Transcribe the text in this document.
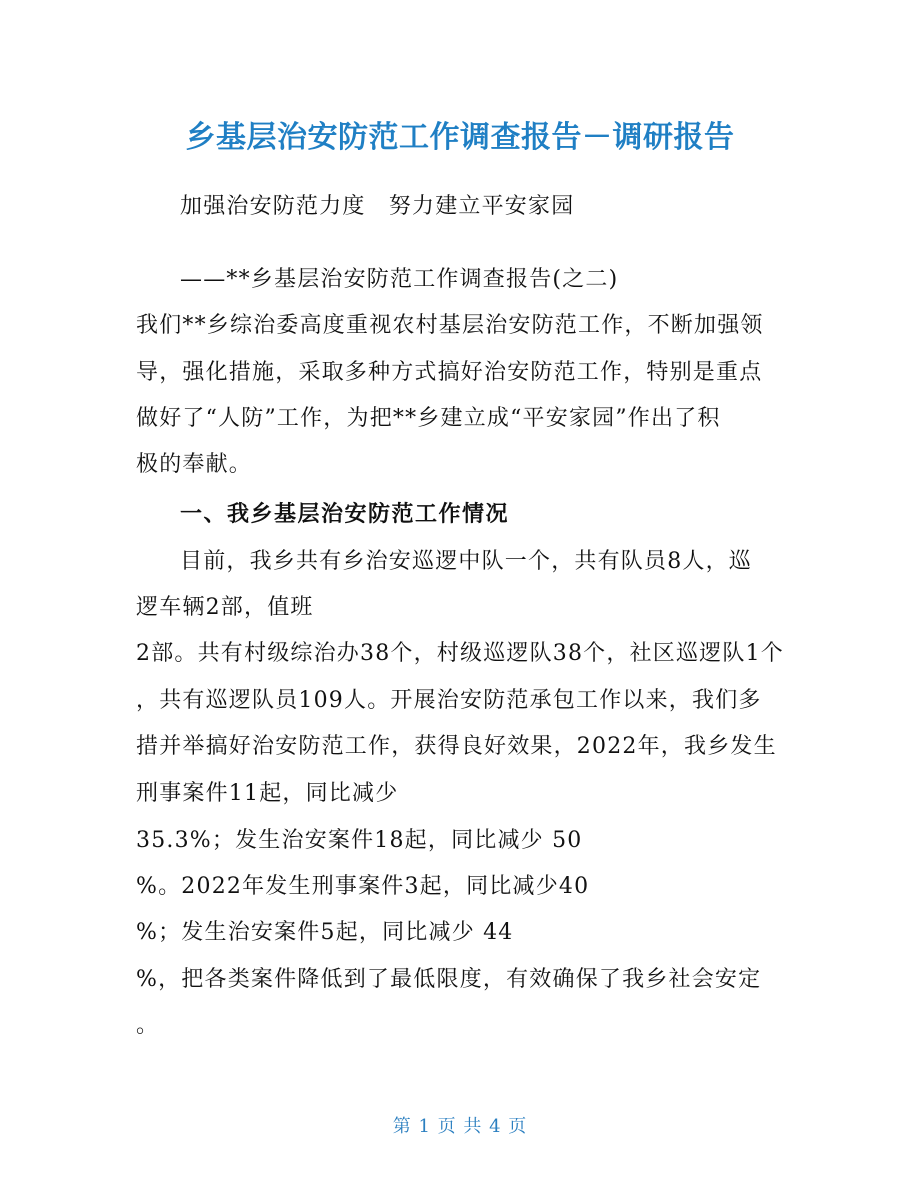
乡基层治安防范工作调查报告－调研报告
加强治安防范力度　努力建立平安家园
——**乡基层治安防范工作调查报告(之二)
我们**乡综治委高度重视农村基层治安防范工作，不断加强领
导，强化措施，采取多种方式搞好治安防范工作，特别是重点
做好了“人防”工作，为把**乡建立成“平安家园”作出了积
极的奉献。
一、我乡基层治安防范工作情况
目前，我乡共有乡治安巡逻中队一个，共有队员8人，巡
逻车辆2部，值班
2部。共有村级综治办38个，村级巡逻队38个，社区巡逻队1个
，共有巡逻队员109人。开展治安防范承包工作以来，我们多
措并举搞好治安防范工作，获得良好效果，2022年，我乡发生
刑事案件11起，同比减少
35.3%；发生治安案件18起，同比减少 50
%。2022年发生刑事案件3起，同比减少40
%；发生治安案件5起，同比减少 44
%，把各类案件降低到了最低限度，有效确保了我乡社会安定
。
第 1 页 共 4 页
